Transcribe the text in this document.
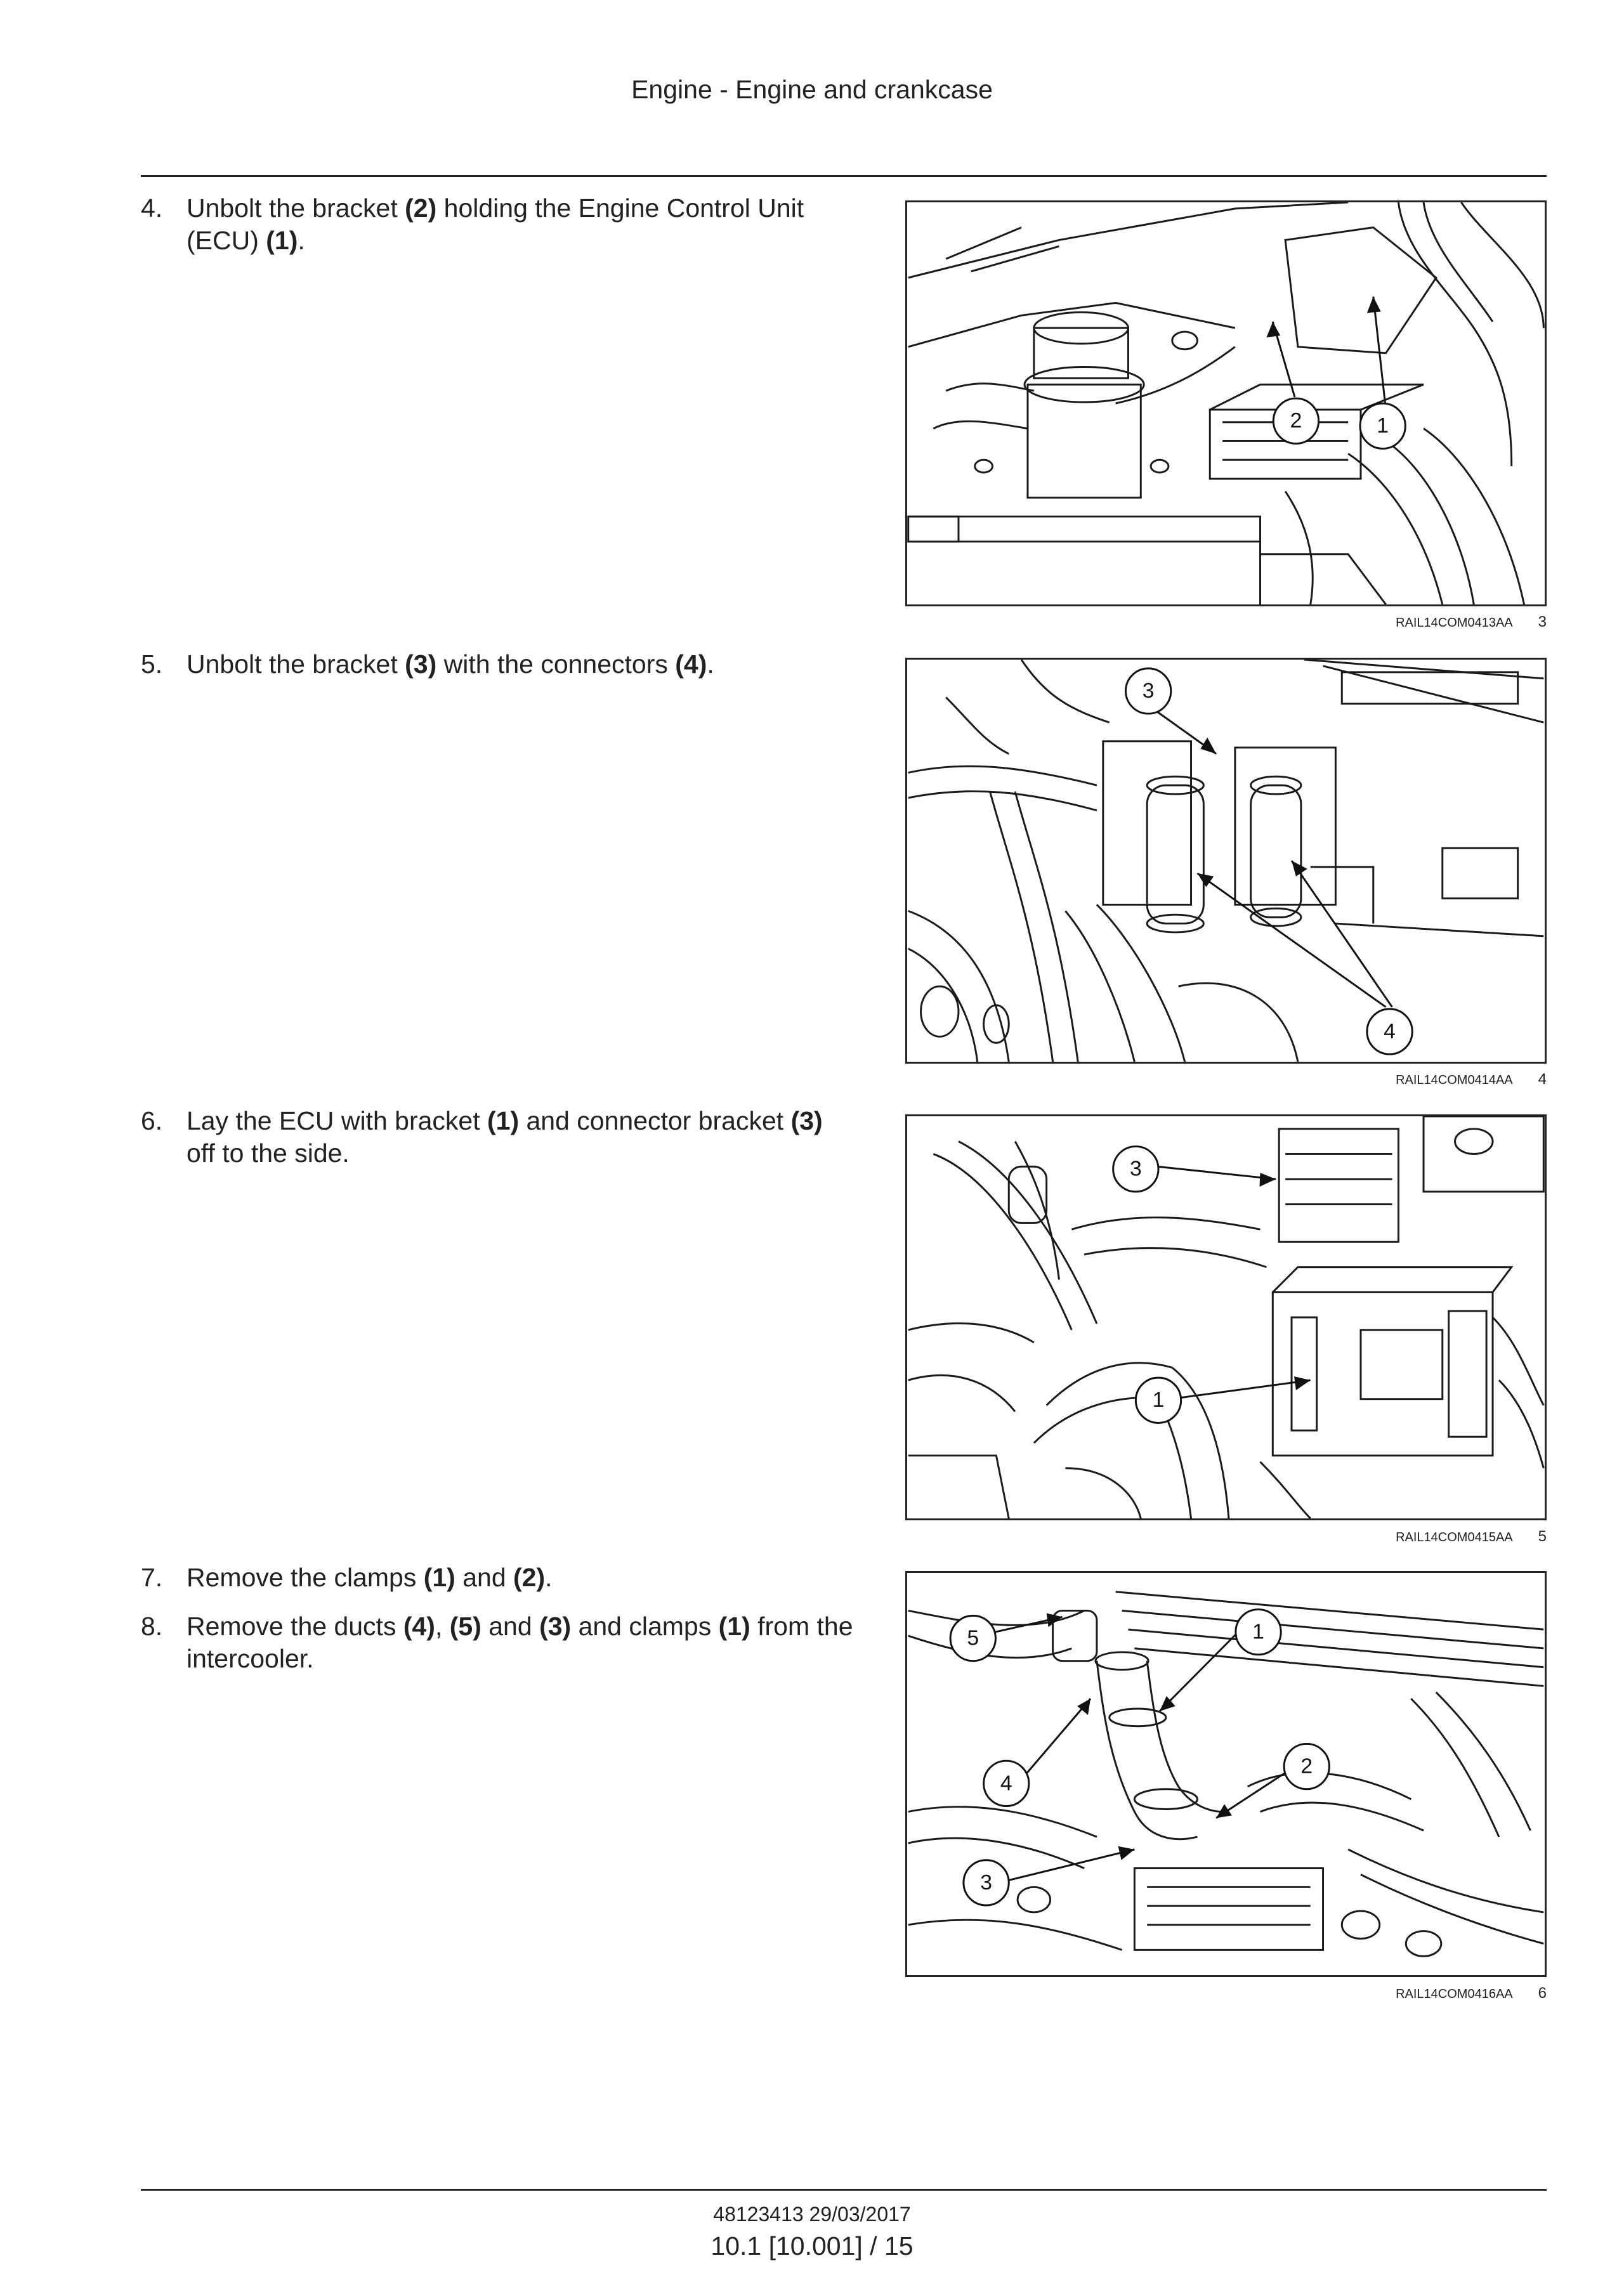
Engine - Engine and crankcase

4. Unbolt the bracket (2) holding the Engine Control Unit (ECU) (1).

5. Unbolt the bracket (3) with the connectors (4).

6. Lay the ECU with bracket (1) and connector bracket (3) off to the side.

7. Remove the clamps (1) and (2).

8. Remove the ducts (4), (5) and (3) and clamps (1) from the intercooler.

2	1
RAIL14COM0413AA 3
3
4
RAIL14COM0414AA 4
3
1
RAIL14COM0415AA 5
5	1
4
2
3
RAIL14COM0416AA 6
48123413 29/03/2017
10.1 [10.001] / 15
